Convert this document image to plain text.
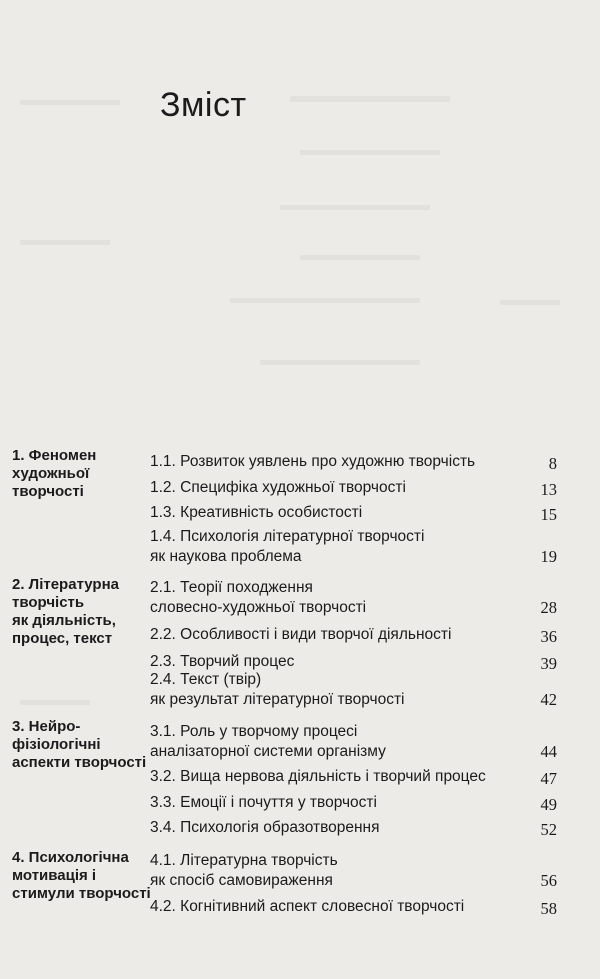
Зміст
1. Феномен
художньої
творчості
1.1. Розвиток уявлень про художню творчість	8
1.2. Специфіка художньої творчості	13
1.3. Креативність особистості	15
1.4. Психологія літературної творчості
як наукова проблема	19
2. Літературна
творчість
як діяльність,
процес, текст
2.1. Теорії походження
словесно-художньої творчості	28
2.2. Особливості і види творчої діяльності	36
2.3. Творчий процес	39
2.4. Текст (твір)
як результат літературної творчості	42
3. Нейро-
фізіологічні
аспекти творчості
3.1. Роль у творчому процесі
аналізаторної системи організму	44
3.2. Вища нервова діяльність і творчий процес	47
3.3. Емоції і почуття у творчості	49
3.4. Психологія образотворення	52
4. Психологічна
мотивація і
стимули творчості
4.1. Літературна творчість
як спосіб самовираження	56
4.2. Когнітивний аспект словесної творчості	58
